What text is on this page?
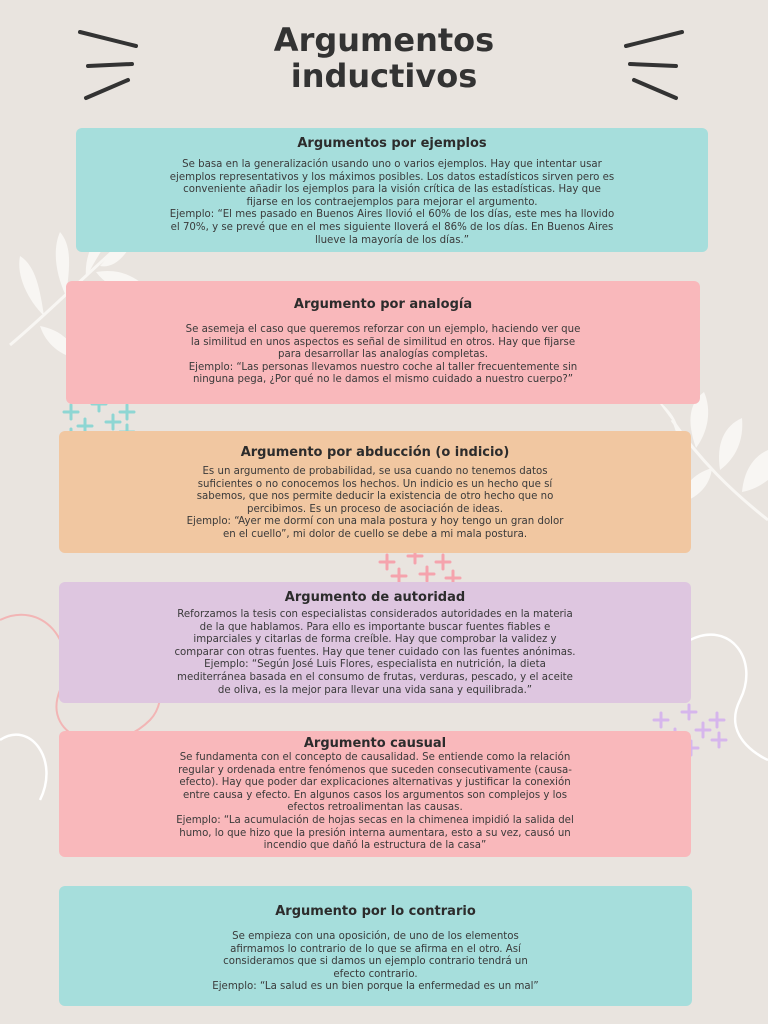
Argumentos
inductivos
Argumentos por ejemplos

Se basa en la generalización usando uno o varios ejemplos. Hay que intentar usar
ejemplos representativos y los máximos posibles. Los datos estadísticos sirven pero es
conveniente añadir los ejemplos para la visión crítica de las estadísticas. Hay que
fijarse en los contraejemplos para mejorar el argumento.
Ejemplo: “El mes pasado en Buenos Aires llovió el 60% de los días, este mes ha llovido
el 70%, y se prevé que en el mes siguiente lloverá el 86% de los días. En Buenos Aires
llueve la mayoría de los días.”

Argumento por analogía

Se asemeja el caso que queremos reforzar con un ejemplo, haciendo ver que
la similitud en unos aspectos es señal de similitud en otros. Hay que fijarse
para desarrollar las analogías completas.
Ejemplo: “Las personas llevamos nuestro coche al taller frecuentemente sin
ninguna pega, ¿Por qué no le damos el mismo cuidado a nuestro cuerpo?”

Argumento por abducción (o indicio)

Es un argumento de probabilidad, se usa cuando no tenemos datos
suficientes o no conocemos los hechos. Un indicio es un hecho que sí
sabemos, que nos permite deducir la existencia de otro hecho que no
percibimos. Es un proceso de asociación de ideas.
Ejemplo: “Ayer me dormí con una mala postura y hoy tengo un gran dolor
en el cuello”, mi dolor de cuello se debe a mi mala postura.

Argumento de autoridad

Reforzamos la tesis con especialistas considerados autoridades en la materia
de la que hablamos. Para ello es importante buscar fuentes fiables e
imparciales y citarlas de forma creíble. Hay que comprobar la validez y
comparar con otras fuentes. Hay que tener cuidado con las fuentes anónimas.
Ejemplo: “Según José Luis Flores, especialista en nutrición, la dieta
mediterránea basada en el consumo de frutas, verduras, pescado, y el aceite
de oliva, es la mejor para llevar una vida sana y equilibrada.”

Argumento causual

Se fundamenta con el concepto de causalidad. Se entiende como la relación
regular y ordenada entre fenómenos que suceden consecutivamente (causa-
efecto). Hay que poder dar explicaciones alternativas y justificar la conexión
entre causa y efecto. En algunos casos los argumentos son complejos y los
efectos retroalimentan las causas.
Ejemplo: “La acumulación de hojas secas en la chimenea impidió la salida del
humo, lo que hizo que la presión interna aumentara, esto a su vez, causó un
incendio que dañó la estructura de la casa”

Argumento por lo contrario

Se empieza con una oposición, de uno de los elementos
afirmamos lo contrario de lo que se afirma en el otro. Así
consideramos que si damos un ejemplo contrario tendrá un
efecto contrario.
Ejemplo: “La salud es un bien porque la enfermedad es un mal”
